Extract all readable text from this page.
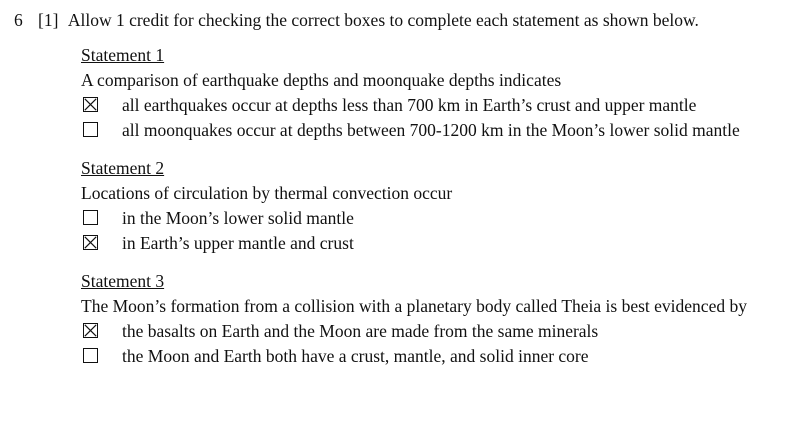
6 [1] Allow 1 credit for checking the correct boxes to complete each statement as shown below.
Statement 1
A comparison of earthquake depths and moonquake depths indicates
all earthquakes occur at depths less than 700 km in Earth’s crust and upper mantle
all moonquakes occur at depths between 700-1200 km in the Moon’s lower solid mantle
Statement 2
Locations of circulation by thermal convection occur
in the Moon’s lower solid mantle
in Earth’s upper mantle and crust
Statement 3
The Moon’s formation from a collision with a planetary body called Theia is best evidenced by
the basalts on Earth and the Moon are made from the same minerals
the Moon and Earth both have a crust, mantle, and solid inner core
